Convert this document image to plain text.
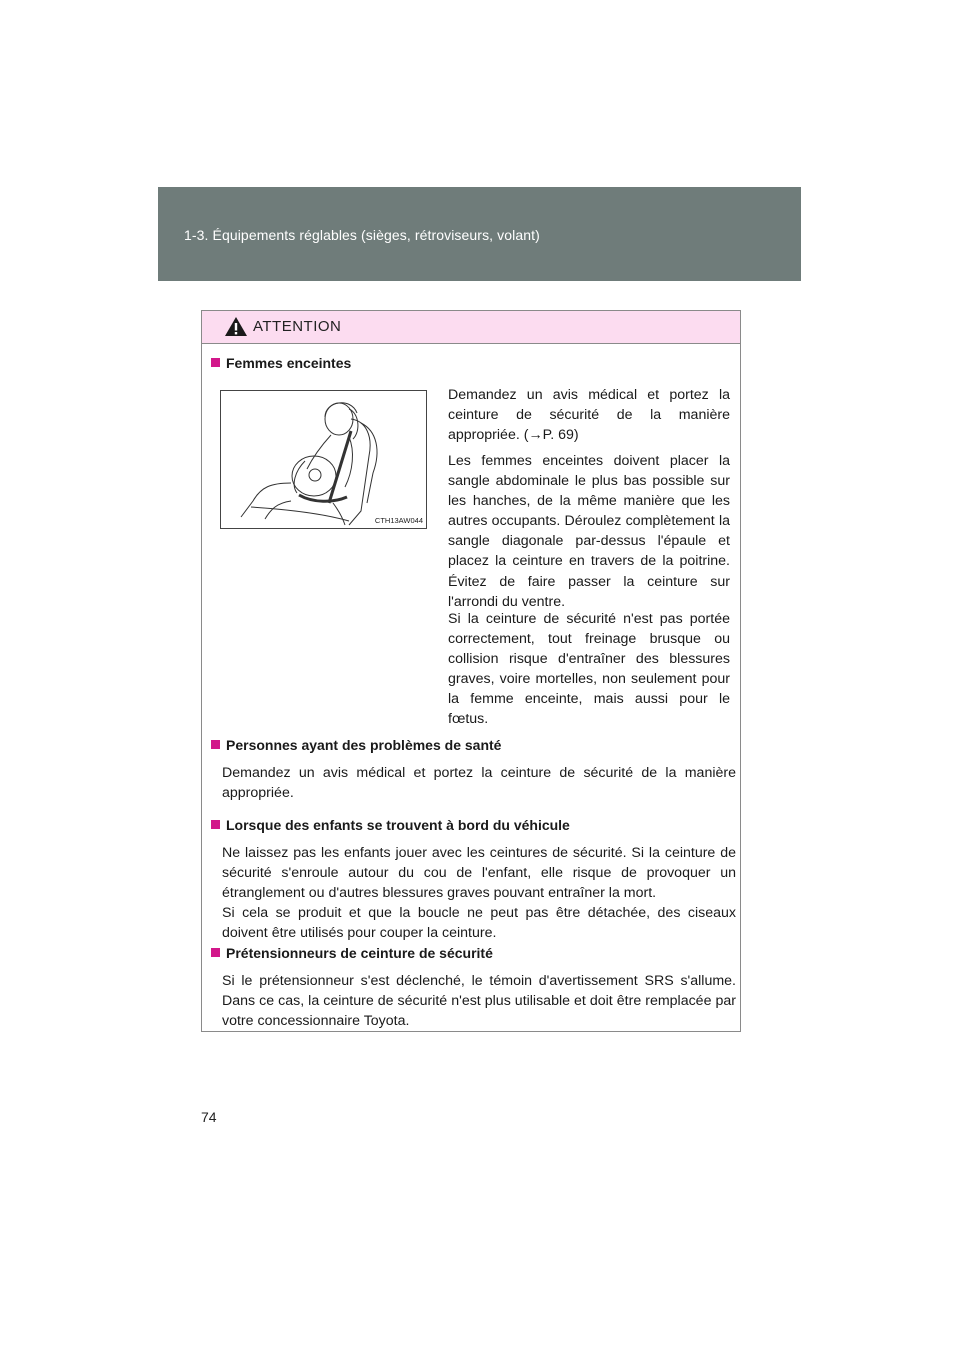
1-3. Équipements réglables (sièges, rétroviseurs, volant)
ATTENTION
Femmes enceintes
CTH13AW044
Demandez un avis médical et portez la ceinture de sécurité de la manière appropriée. (→P. 69)
Les femmes enceintes doivent placer la sangle abdominale le plus bas possible sur les hanches, de la même manière que les autres occupants. Déroulez complètement la sangle diagonale par-dessus l'épaule et placez la ceinture en travers de la poitrine. Évitez de faire passer la ceinture sur l'arrondi du ventre.
Si la ceinture de sécurité n'est pas portée correctement, tout freinage brusque ou collision risque d'entraîner des blessures graves, voire mortelles, non seulement pour la femme enceinte, mais aussi pour le fœtus.
Personnes ayant des problèmes de santé
Demandez un avis médical et portez la ceinture de sécurité de la manière appropriée.
Lorsque des enfants se trouvent à bord du véhicule
Ne laissez pas les enfants jouer avec les ceintures de sécurité. Si la ceinture de sécurité s'enroule autour du cou de l'enfant, elle risque de provoquer un étranglement ou d'autres blessures graves pouvant entraîner la mort.
Si cela se produit et que la boucle ne peut pas être détachée, des ciseaux doivent être utilisés pour couper la ceinture.
Prétensionneurs de ceinture de sécurité
Si le prétensionneur s'est déclenché, le témoin d'avertissement SRS s'allume. Dans ce cas, la ceinture de sécurité n'est plus utilisable et doit être remplacée par votre concessionnaire Toyota.
74
